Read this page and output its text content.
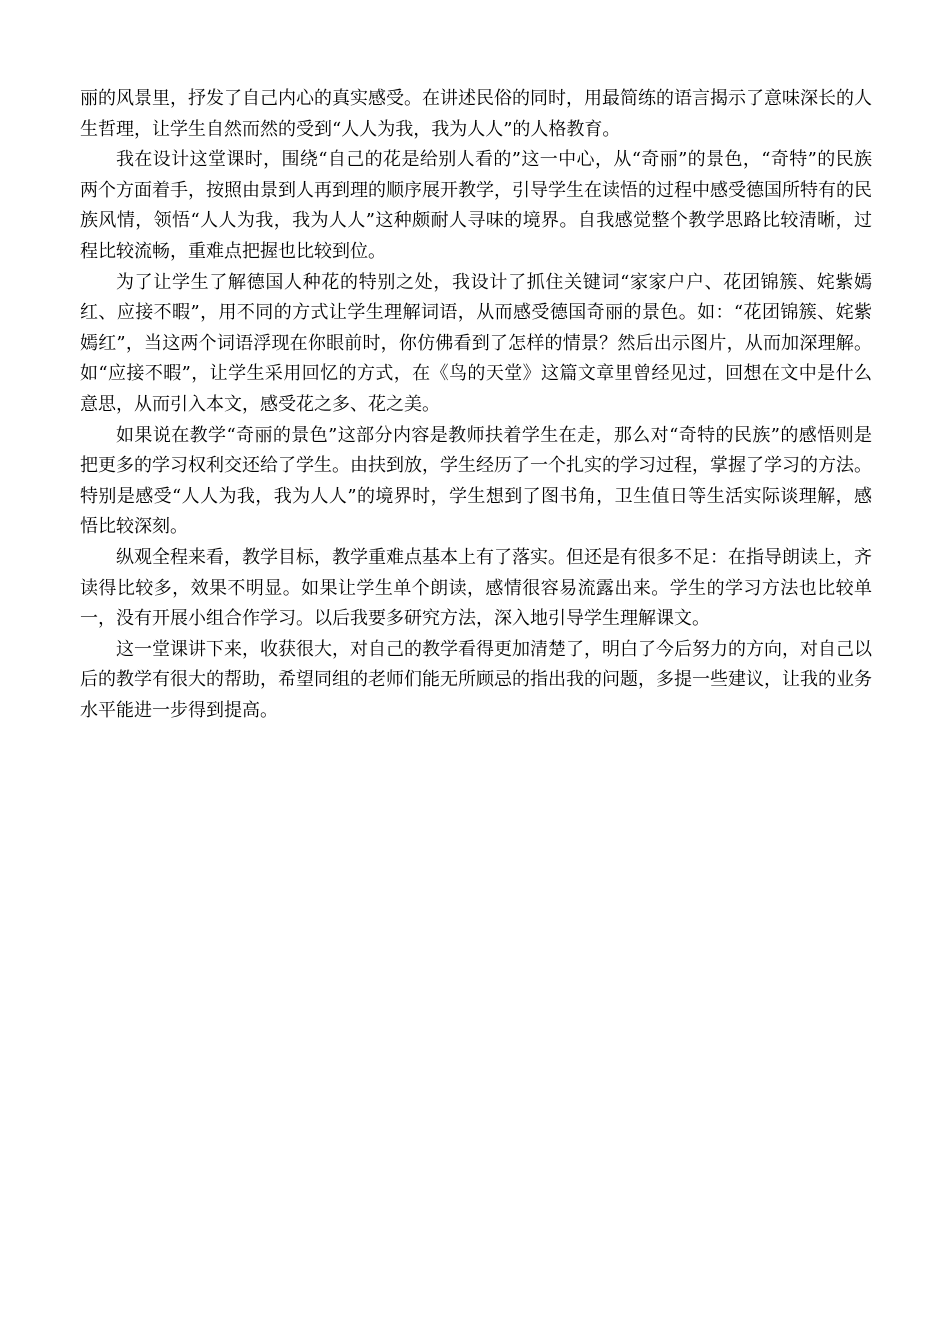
丽的风景里，抒发了自己内心的真实感受。在讲述民俗的同时，用最简练的语言揭示了意味深长的人生哲理，让学生自然而然的受到“人人为我，我为人人”的人格教育。

我在设计这堂课时，围绕“自己的花是给别人看的”这一中心，从“奇丽”的景色，“奇特”的民族两个方面着手，按照由景到人再到理的顺序展开教学，引导学生在读悟的过程中感受德国所特有的民族风情，领悟“人人为我，我为人人”这种颇耐人寻味的境界。自我感觉整个教学思路比较清晰，过程比较流畅，重难点把握也比较到位。

为了让学生了解德国人种花的特别之处，我设计了抓住关键词“家家户户、花团锦簇、姹紫嫣红、应接不暇”，用不同的方式让学生理解词语，从而感受德国奇丽的景色。如：“花团锦簇、姹紫嫣红”，当这两个词语浮现在你眼前时，你仿佛看到了怎样的情景？然后出示图片，从而加深理解。如“应接不暇”，让学生采用回忆的方式，在《鸟的天堂》这篇文章里曾经见过，回想在文中是什么意思，从而引入本文，感受花之多、花之美。

如果说在教学“奇丽的景色”这部分内容是教师扶着学生在走，那么对“奇特的民族”的感悟则是把更多的学习权利交还给了学生。由扶到放，学生经历了一个扎实的学习过程，掌握了学习的方法。特别是感受“人人为我，我为人人”的境界时，学生想到了图书角，卫生值日等生活实际谈理解，感悟比较深刻。

纵观全程来看，教学目标，教学重难点基本上有了落实。但还是有很多不足：在指导朗读上，齐读得比较多，效果不明显。如果让学生单个朗读，感情很容易流露出来。学生的学习方法也比较单一，没有开展小组合作学习。以后我要多研究方法，深入地引导学生理解课文。

这一堂课讲下来，收获很大，对自己的教学看得更加清楚了，明白了今后努力的方向，对自己以后的教学有很大的帮助，希望同组的老师们能无所顾忌的指出我的问题，多提一些建议，让我的业务水平能进一步得到提高。
